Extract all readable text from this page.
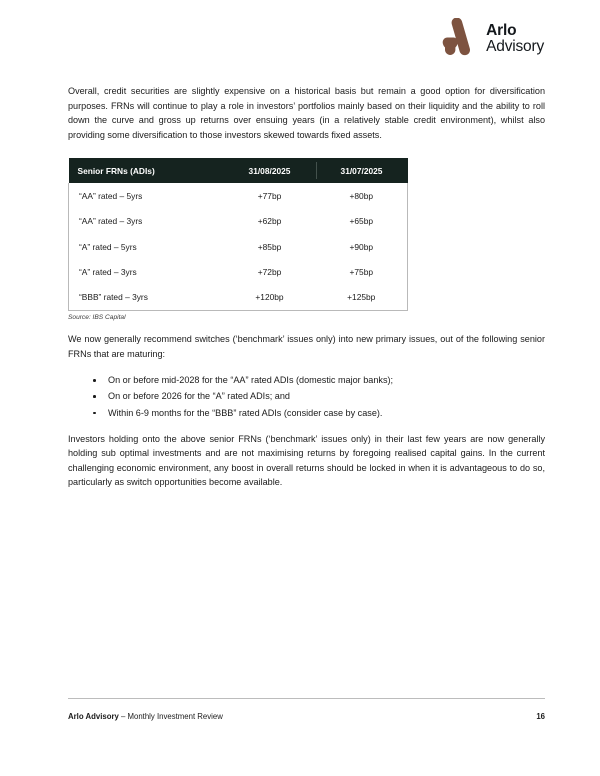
Arlo
Advisory

Overall, credit securities are slightly expensive on a historical basis but remain a good option for diversification purposes. FRNs will continue to play a role in investors’ portfolios mainly based on their liquidity and the ability to roll down the curve and gross up returns over ensuing years (in a relatively stable credit environment), whilst also providing some diversification to those investors skewed towards fixed assets.

Senior FRNs (ADIs)	31/08/2025	31/07/2025
“AA” rated – 5yrs	+77bp	+80bp
“AA” rated – 3yrs	+62bp	+65bp
“A” rated – 5yrs	+85bp	+90bp
“A” rated – 3yrs	+72bp	+75bp
“BBB” rated – 3yrs	+120bp	+125bp

Source: IBS Capital

We now generally recommend switches (‘benchmark’ issues only) into new primary issues, out of the following senior FRNs that are maturing:

On or before mid-2028 for the “AA” rated ADIs (domestic major banks);
On or before 2026 for the “A” rated ADIs; and
Within 6-9 months for the “BBB” rated ADIs (consider case by case).

Investors holding onto the above senior FRNs (‘benchmark’ issues only) in their last few years are now generally holding sub optimal investments and are not maximising returns by foregoing realised capital gains. In the current challenging economic environment, any boost in overall returns should be locked in when it is advantageous to do so, particularly as switch opportunities become available.

Arlo Advisory – Monthly Investment Review	16
